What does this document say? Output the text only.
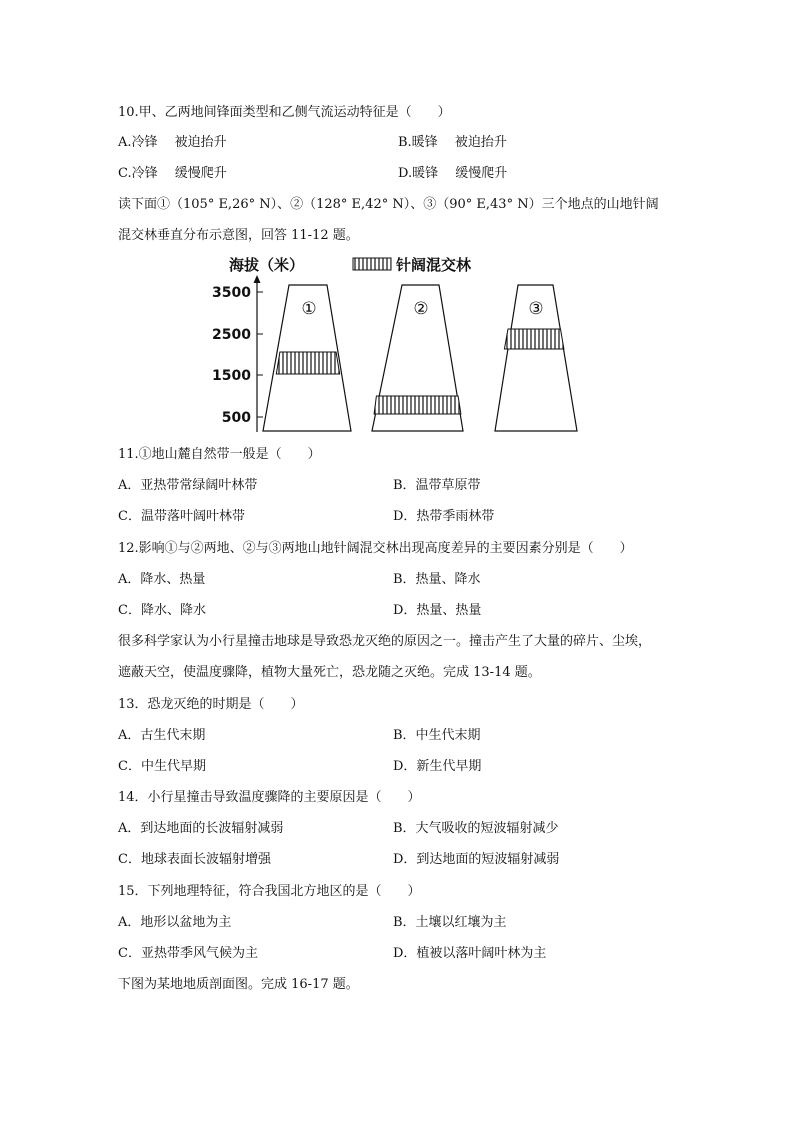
10.甲、乙两地间锋面类型和乙侧气流运动特征是（　　）
A.冷锋　 被迫抬升	B.暖锋　 被迫抬升
C.冷锋　 缓慢爬升	D.暖锋　 缓慢爬升
读下面①（105° E,26° N）、②（128° E,42° N）、③（90° E,43° N）三个地点的山地针阔
混交林垂直分布示意图，回答 11-12 题。
海拔（米）	针阔混交林
3500
2500
1500
500
①	②	③
11.①地山麓自然带一般是（　　）
A．亚热带常绿阔叶林带	B．温带草原带
C．温带落叶阔叶林带	D．热带季雨林带
12.影响①与②两地、②与③两地山地针阔混交林出现高度差异的主要因素分别是（　　）
A．降水、热量	B．热量、降水
C．降水、降水	D．热量、热量
很多科学家认为小行星撞击地球是导致恐龙灭绝的原因之一。撞击产生了大量的碎片、尘埃，
遮蔽天空，使温度骤降，植物大量死亡，恐龙随之灭绝。完成 13-14 题。
13．恐龙灭绝的时期是（　　）
A．古生代末期	B．中生代末期
C．中生代早期	D．新生代早期
14．小行星撞击导致温度骤降的主要原因是（　　）
A．到达地面的长波辐射减弱	B．大气吸收的短波辐射减少
C．地球表面长波辐射增强	D．到达地面的短波辐射减弱
15．下列地理特征，符合我国北方地区的是（　　）
A．地形以盆地为主	B．土壤以红壤为主
C．亚热带季风气候为主	D．植被以落叶阔叶林为主
下图为某地地质剖面图。完成 16-17 题。
